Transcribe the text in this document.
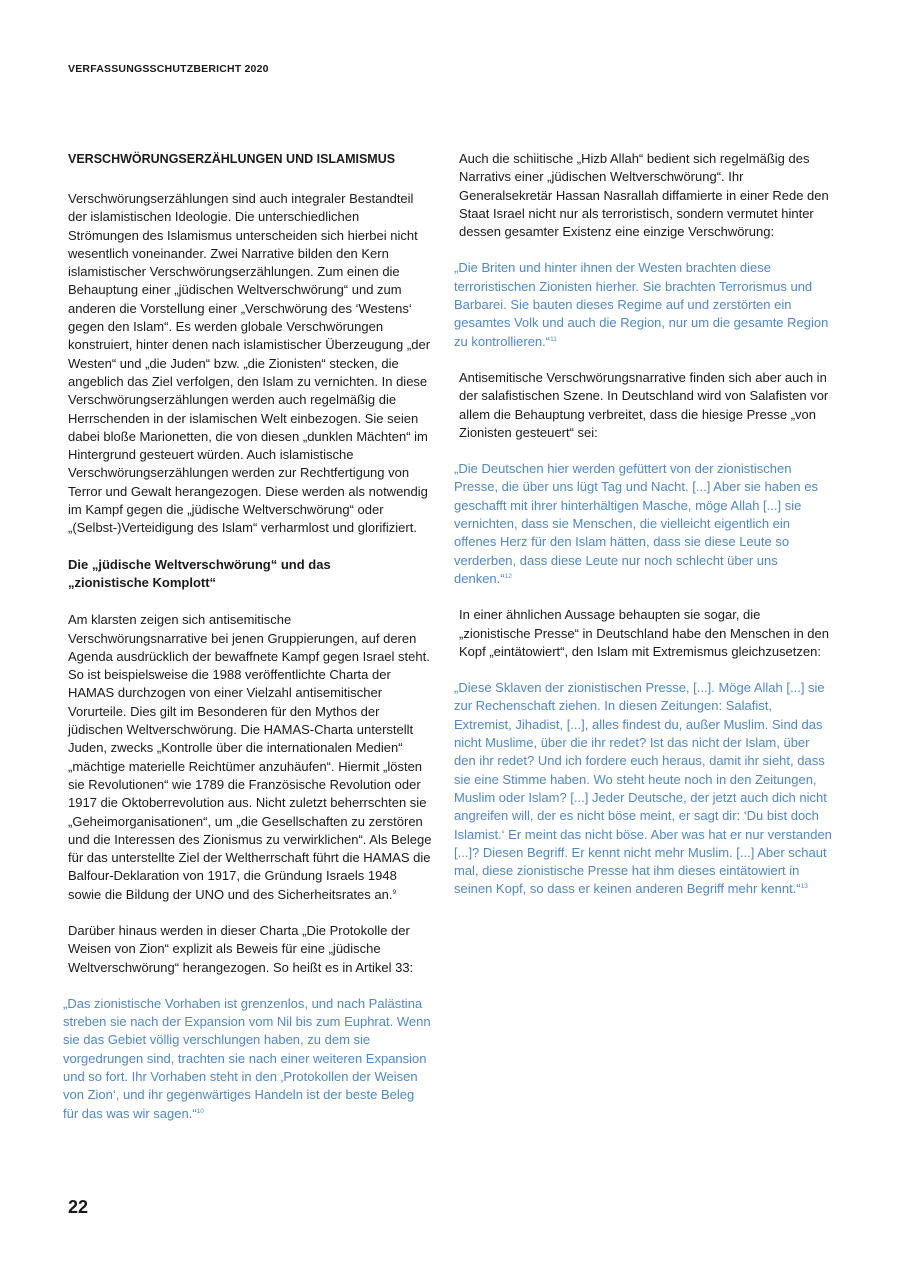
VERFASSUNGSSCHUTZBERICHT 2020
VERSCHWÖRUNGSERZÄHLUNGEN UND ISLAMISMUS

Verschwörungserzählungen sind auch integraler Bestandteil der islamistischen Ideologie. Die unterschiedlichen Strömungen des Islamismus unterscheiden sich hierbei nicht wesentlich voneinander. Zwei Narrative bilden den Kern islamistischer Verschwörungserzählungen. Zum einen die Behauptung einer „jüdischen Weltverschwörung“ und zum anderen die Vorstellung einer „Verschwörung des ‘Westens‘ gegen den Islam“. Es werden globale Verschwörungen konstruiert, hinter denen nach islamistischer Überzeugung „der Westen“ und „die Juden“ bzw. „die Zionisten“ stecken, die angeblich das Ziel verfolgen, den Islam zu vernichten. In diese Verschwörungserzählungen werden auch regelmäßig die Herrschenden in der islamischen Welt einbezogen. Sie seien dabei bloße Marionetten, die von diesen „dunklen Mächten“ im Hintergrund gesteuert würden. Auch islamistische Verschwörungserzählungen werden zur Rechtfertigung von Terror und Gewalt herangezogen. Diese werden als notwendig im Kampf gegen die „jüdische Weltverschwörung“ oder „(Selbst-)Verteidigung des Islam“ verharmlost und glorifiziert.

Die „jüdische Weltverschwörung“ und das
„zionistische Komplott“

Am klarsten zeigen sich antisemitische Verschwörungsnarrative bei jenen Gruppierungen, auf deren Agenda ausdrücklich der bewaffnete Kampf gegen Israel steht. So ist beispielsweise die 1988 veröffentlichte Charta der HAMAS durchzogen von einer Vielzahl antisemitischer Vorurteile. Dies gilt im Besonderen für den Mythos der jüdischen Weltverschwörung. Die HAMAS-Charta unterstellt Juden, zwecks „Kontrolle über die internationalen Medien“ „mächtige materielle Reichtümer anzuhäufen“. Hiermit „lösten sie Revolutionen“ wie 1789 die Französische Revolution oder 1917 die Oktoberrevolution aus. Nicht zuletzt beherrschten sie „Geheimorganisationen“, um „die Gesellschaften zu zerstören und die Interessen des Zionismus zu verwirklichen“. Als Belege für das unterstellte Ziel der Weltherrschaft führt die HAMAS die Balfour-Deklaration von 1917, die Gründung Israels 1948 sowie die Bildung der UNO und des Sicherheitsrates an.$^9$

Darüber hinaus werden in dieser Charta „Die Protokolle der Weisen von Zion“ explizit als Beweis für eine „jüdische Weltverschwörung“ herangezogen. So heißt es in Artikel 33:

„Das zionistische Vorhaben ist grenzenlos, und nach Palästina streben sie nach der Expansion vom Nil bis zum Euphrat. Wenn sie das Gebiet völlig verschlungen haben, zu dem sie vorgedrungen sind, trachten sie nach einer weiteren Expansion und so fort. Ihr Vorhaben steht in den ‚Protokollen der Weisen von Zion‘, und ihr gegenwärtiges Handeln ist der beste Beleg für das was wir sagen.“$^{10}$

Auch die schiitische „Hizb Allah“ bedient sich regelmäßig des Narrativs einer „jüdischen Weltverschwörung“. Ihr Generalsekretär Hassan Nasrallah diffamierte in einer Rede den Staat Israel nicht nur als terroristisch, sondern vermutet hinter dessen gesamter Existenz eine einzige Verschwörung:

„Die Briten und hinter ihnen der Westen brachten diese terroristischen Zionisten hierher. Sie brachten Terrorismus und Barbarei. Sie bauten dieses Regime auf und zerstörten ein gesamtes Volk und auch die Region, nur um die gesamte Region zu kontrollieren.“$^{11}$

Antisemitische Verschwörungsnarrative finden sich aber auch in der salafistischen Szene. In Deutschland wird von Salafisten vor allem die Behauptung verbreitet, dass die hiesige Presse „von Zionisten gesteuert“ sei:

„Die Deutschen hier werden gefüttert von der zionistischen Presse, die über uns lügt Tag und Nacht. [...] Aber sie haben es geschafft mit ihrer hinterhältigen Masche, möge Allah [...] sie vernichten, dass sie Menschen, die vielleicht eigentlich ein offenes Herz für den Islam hätten, dass sie diese Leute so verderben, dass diese Leute nur noch schlecht über uns denken.“$^{12}$

In einer ähnlichen Aussage behaupten sie sogar, die „zionistische Presse“ in Deutschland habe den Menschen in den Kopf „eintätowiert“, den Islam mit Extremismus gleichzusetzen:

„Diese Sklaven der zionistischen Presse, [...]. Möge Allah [...] sie zur Rechenschaft ziehen. In diesen Zeitungen: Salafist, Extremist, Jihadist, [...], alles findest du, außer Muslim. Sind das nicht Muslime, über die ihr redet? Ist das nicht der Islam, über den ihr redet? Und ich fordere euch heraus, damit ihr sieht, dass sie eine Stimme haben. Wo steht heute noch in den Zeitungen, Muslim oder Islam? [...] Jeder Deutsche, der jetzt auch dich nicht angreifen will, der es nicht böse meint, er sagt dir: ‘Du bist doch Islamist.‘ Er meint das nicht böse. Aber was hat er nur verstanden [...]? Diesen Begriff. Er kennt nicht mehr Muslim. [...] Aber schaut mal, diese zionistische Presse hat ihm dieses eintätowiert in seinen Kopf, so dass er keinen anderen Begriff mehr kennt.“$^{13}$

22
